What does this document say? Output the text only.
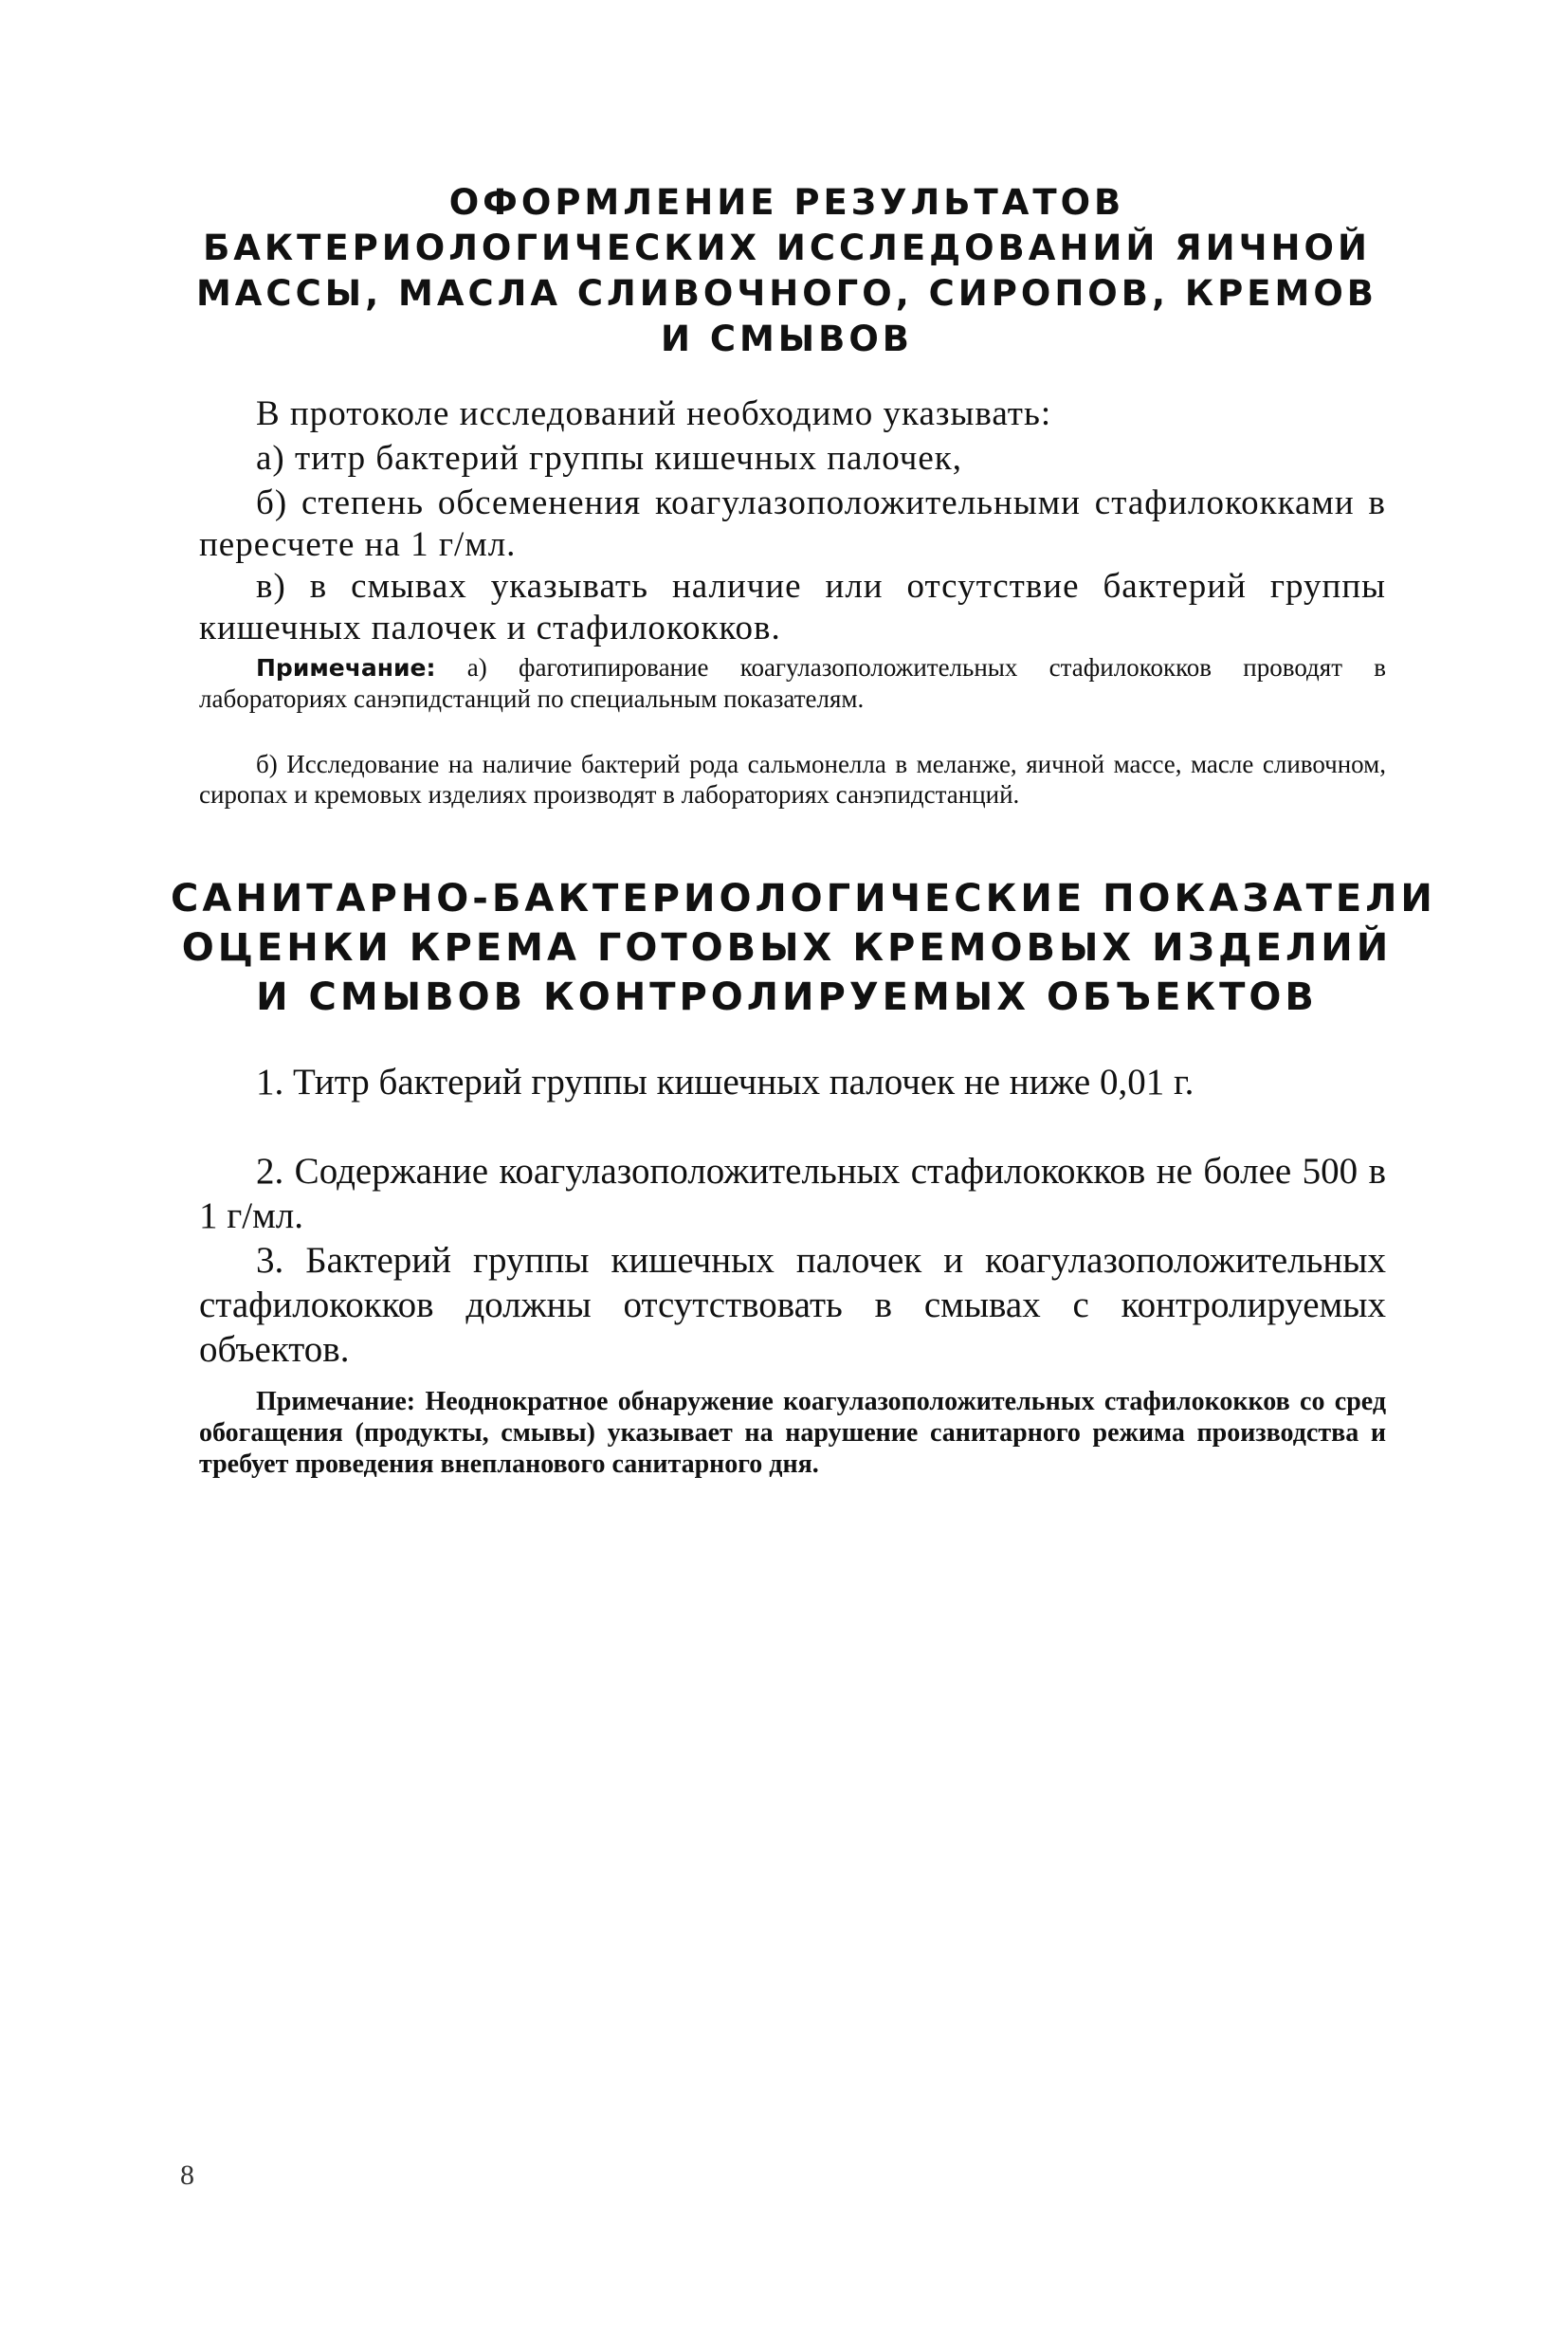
ОФОРМЛЕНИЕ РЕЗУЛЬТАТОВ
БАКТЕРИОЛОГИЧЕСКИХ ИССЛЕДОВАНИЙ ЯИЧНОЙ
МАССЫ, МАСЛА СЛИВОЧНОГО, СИРОПОВ, КРЕМОВ
И СМЫВОВ

В протоколе исследований необходимо указывать:

а) титр бактерий группы кишечных палочек,

б) степень обсеменения коагулазоположительными стафилококками в пересчете на 1 г/мл.

в) в смывах указывать наличие или отсутствие бактерий группы кишечных палочек и стафилококков.

Примечание: а) фаготипирование коагулазоположительных стафилококков проводят в лабораториях санэпидстанций по специальным показателям.

б) Исследование на наличие бактерий рода сальмонелла в меланже, яичной массе, масле сливочном, сиропах и кремовых изделиях производят в лабораториях санэпидстанций.

САНИТАРНО-БАКТЕРИОЛОГИЧЕСКИЕ ПОКАЗАТЕЛИ
ОЦЕНКИ КРЕМА ГОТОВЫХ КРЕМОВЫХ ИЗДЕЛИЙ
И СМЫВОВ КОНТРОЛИРУЕМЫХ ОБЪЕКТОВ

1. Титр бактерий группы кишечных палочек не ниже 0,01 г.

2. Содержание коагулазоположительных стафилококков не более 500 в 1 г/мл.

3. Бактерий группы кишечных палочек и коагулазоположительных стафилококков должны отсутствовать в смывах с контролируемых объектов.

Примечание: Неоднократное обнаружение коагулазоположительных стафилококков со сред обогащения (продукты, смывы) указывает на нарушение санитарного режима производства и требует проведения внепланового санитарного дня.

8
